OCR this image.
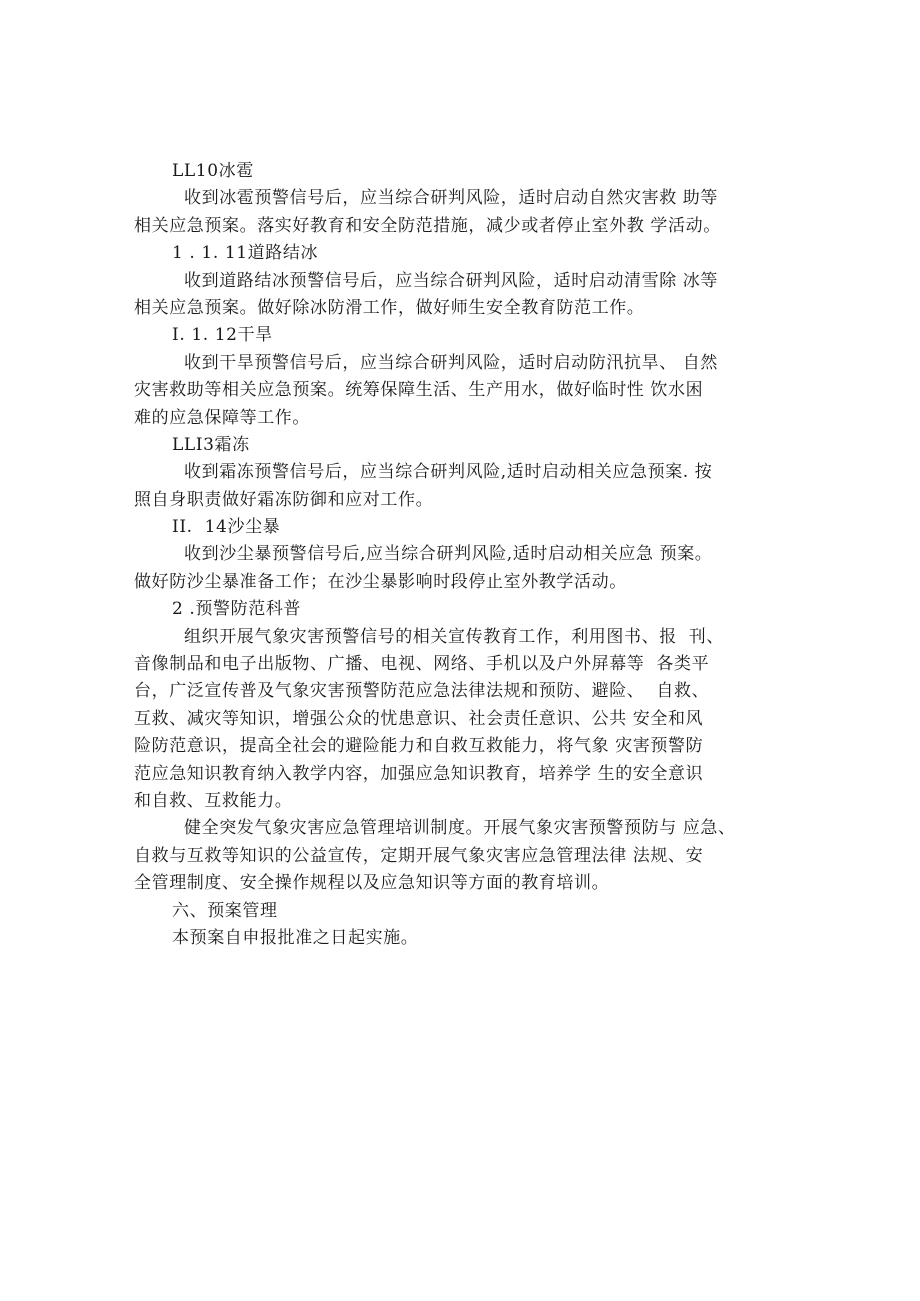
LL10冰雹
收到冰雹预警信号后，应当综合研判风险，适时启动自然灾害救 助等
相关应急预案。落实好教育和安全防范措施，减少或者停止室外教 学活动。
1 . 1. 11道路结冰
收到道路结冰预警信号后，应当综合研判风险，适时启动清雪除 冰等
相关应急预案。做好除冰防滑工作，做好师生安全教育防范工作。
I. 1. 12干旱
收到干旱预警信号后，应当综合研判风险，适时启动防汛抗旱、 自然
灾害救助等相关应急预案。统筹保障生活、生产用水，做好临时性 饮水困
难的应急保障等工作。
LLI3霜冻
收到霜冻预警信号后，应当综合研判风险,适时启动相关应急预案. 按
照自身职责做好霜冻防御和应对工作。
II.  14沙尘暴
收到沙尘暴预警信号后,应当综合研判风险,适时启动相关应急 预案。
做好防沙尘暴准备工作；在沙尘暴影响时段停止室外教学活动。
2 .预警防范科普
组织开展气象灾害预警信号的相关宣传教育工作，利用图书、报  刊、
音像制品和电子出版物、广播、电视、网络、手机以及户外屏幕等  各类平
台，广泛宣传普及气象灾害预警防范应急法律法规和预防、避险、  自救、
互救、减灾等知识，增强公众的忧患意识、社会责任意识、公共 安全和风
险防范意识，提高全社会的避险能力和自救互救能力，将气象 灾害预警防
范应急知识教育纳入教学内容，加强应急知识教育，培养学 生的安全意识
和自救、互救能力。
健全突发气象灾害应急管理培训制度。开展气象灾害预警预防与 应急、
自救与互救等知识的公益宣传，定期开展气象灾害应急管理法律 法规、安
全管理制度、安全操作规程以及应急知识等方面的教育培训。
六、预案管理
本预案自申报批准之日起实施。
